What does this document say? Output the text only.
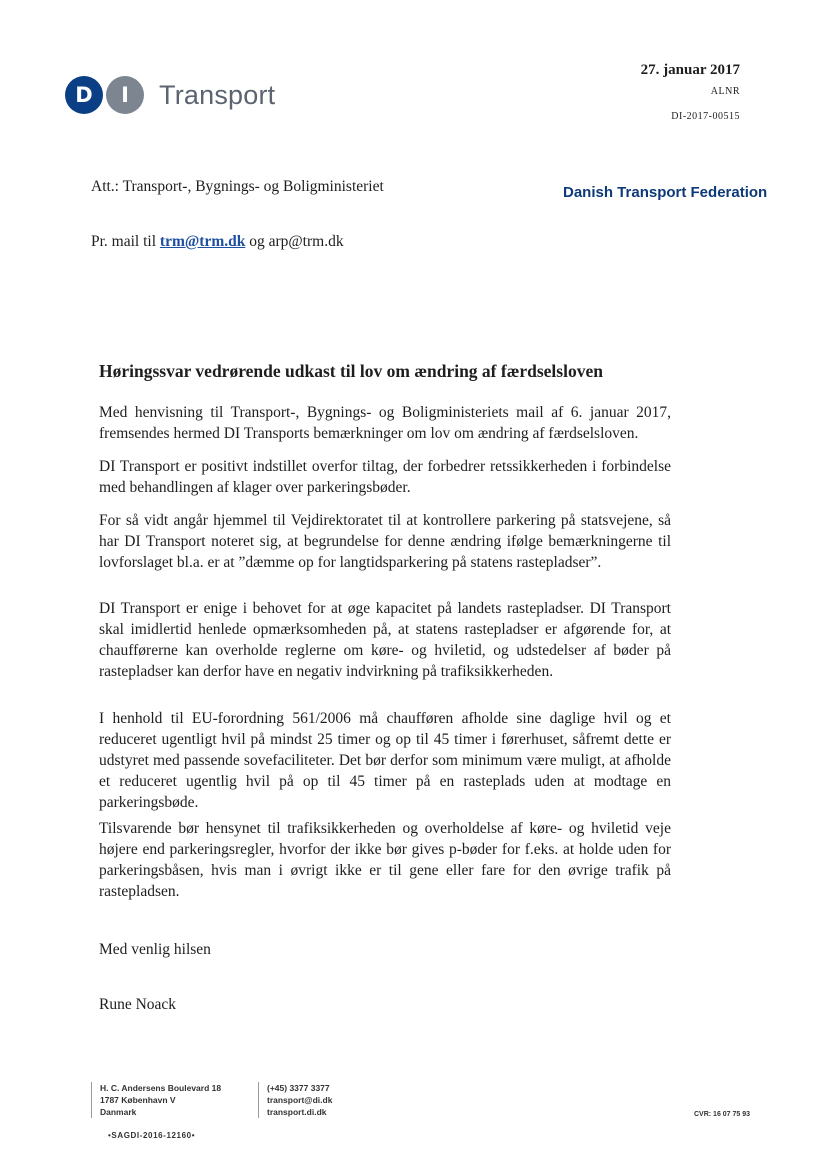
D	I	Transport
27. januar 2017
ALNR
DI-2017-00515
Danish Transport Federation
Att.: Transport-, Bygnings- og Boligministeriet
Pr. mail til trm@trm.dk og arp@trm.dk
Høringssvar vedrørende udkast til lov om ændring af færdselsloven

Med henvisning til Transport-, Bygnings- og Boligministeriets mail af 6. januar 2017, fremsendes hermed DI Transports bemærkninger om lov om ændring af færdselsloven.

DI Transport er positivt indstillet overfor tiltag, der forbedrer retssikkerheden i forbindelse med behandlingen af klager over parkeringsbøder.

For så vidt angår hjemmel til Vejdirektoratet til at kontrollere parkering på statsvejene, så har DI Transport noteret sig, at begrundelse for denne ændring ifølge bemærkningerne til lovforslaget bl.a. er at ”dæmme op for langtidsparkering på statens rastepladser”.

DI Transport er enige i behovet for at øge kapacitet på landets rastepladser. DI Transport skal imidlertid henlede opmærksomheden på, at statens rastepladser er afgørende for, at chaufførerne kan overholde reglerne om køre- og hviletid, og udstedelser af bøder på rastepladser kan derfor have en negativ indvirkning på trafiksikkerheden.

I henhold til EU-forordning 561/2006 må chaufføren afholde sine daglige hvil og et reduceret ugentligt hvil på mindst 25 timer og op til 45 timer i førerhuset, såfremt dette er udstyret med passende sovefaciliteter. Det bør derfor som minimum være muligt, at afholde et reduceret ugentlig hvil på op til 45 timer på en rasteplads uden at modtage en parkeringsbøde.

Tilsvarende bør hensynet til trafiksikkerheden og overholdelse af køre- og hviletid veje højere end parkeringsregler, hvorfor der ikke bør gives p-bøder for f.eks. at holde uden for parkeringsbåsen, hvis man i øvrigt ikke er til gene eller fare for den øvrige trafik på rastepladsen.

Med venlig hilsen
Rune Noack
H. C. Andersens Boulevard 18
1787 København V
Danmark
(+45) 3377 3377
transport@di.dk
transport.di.dk	CVR: 16 07 75 93
•SAGDI-2016-12160•
